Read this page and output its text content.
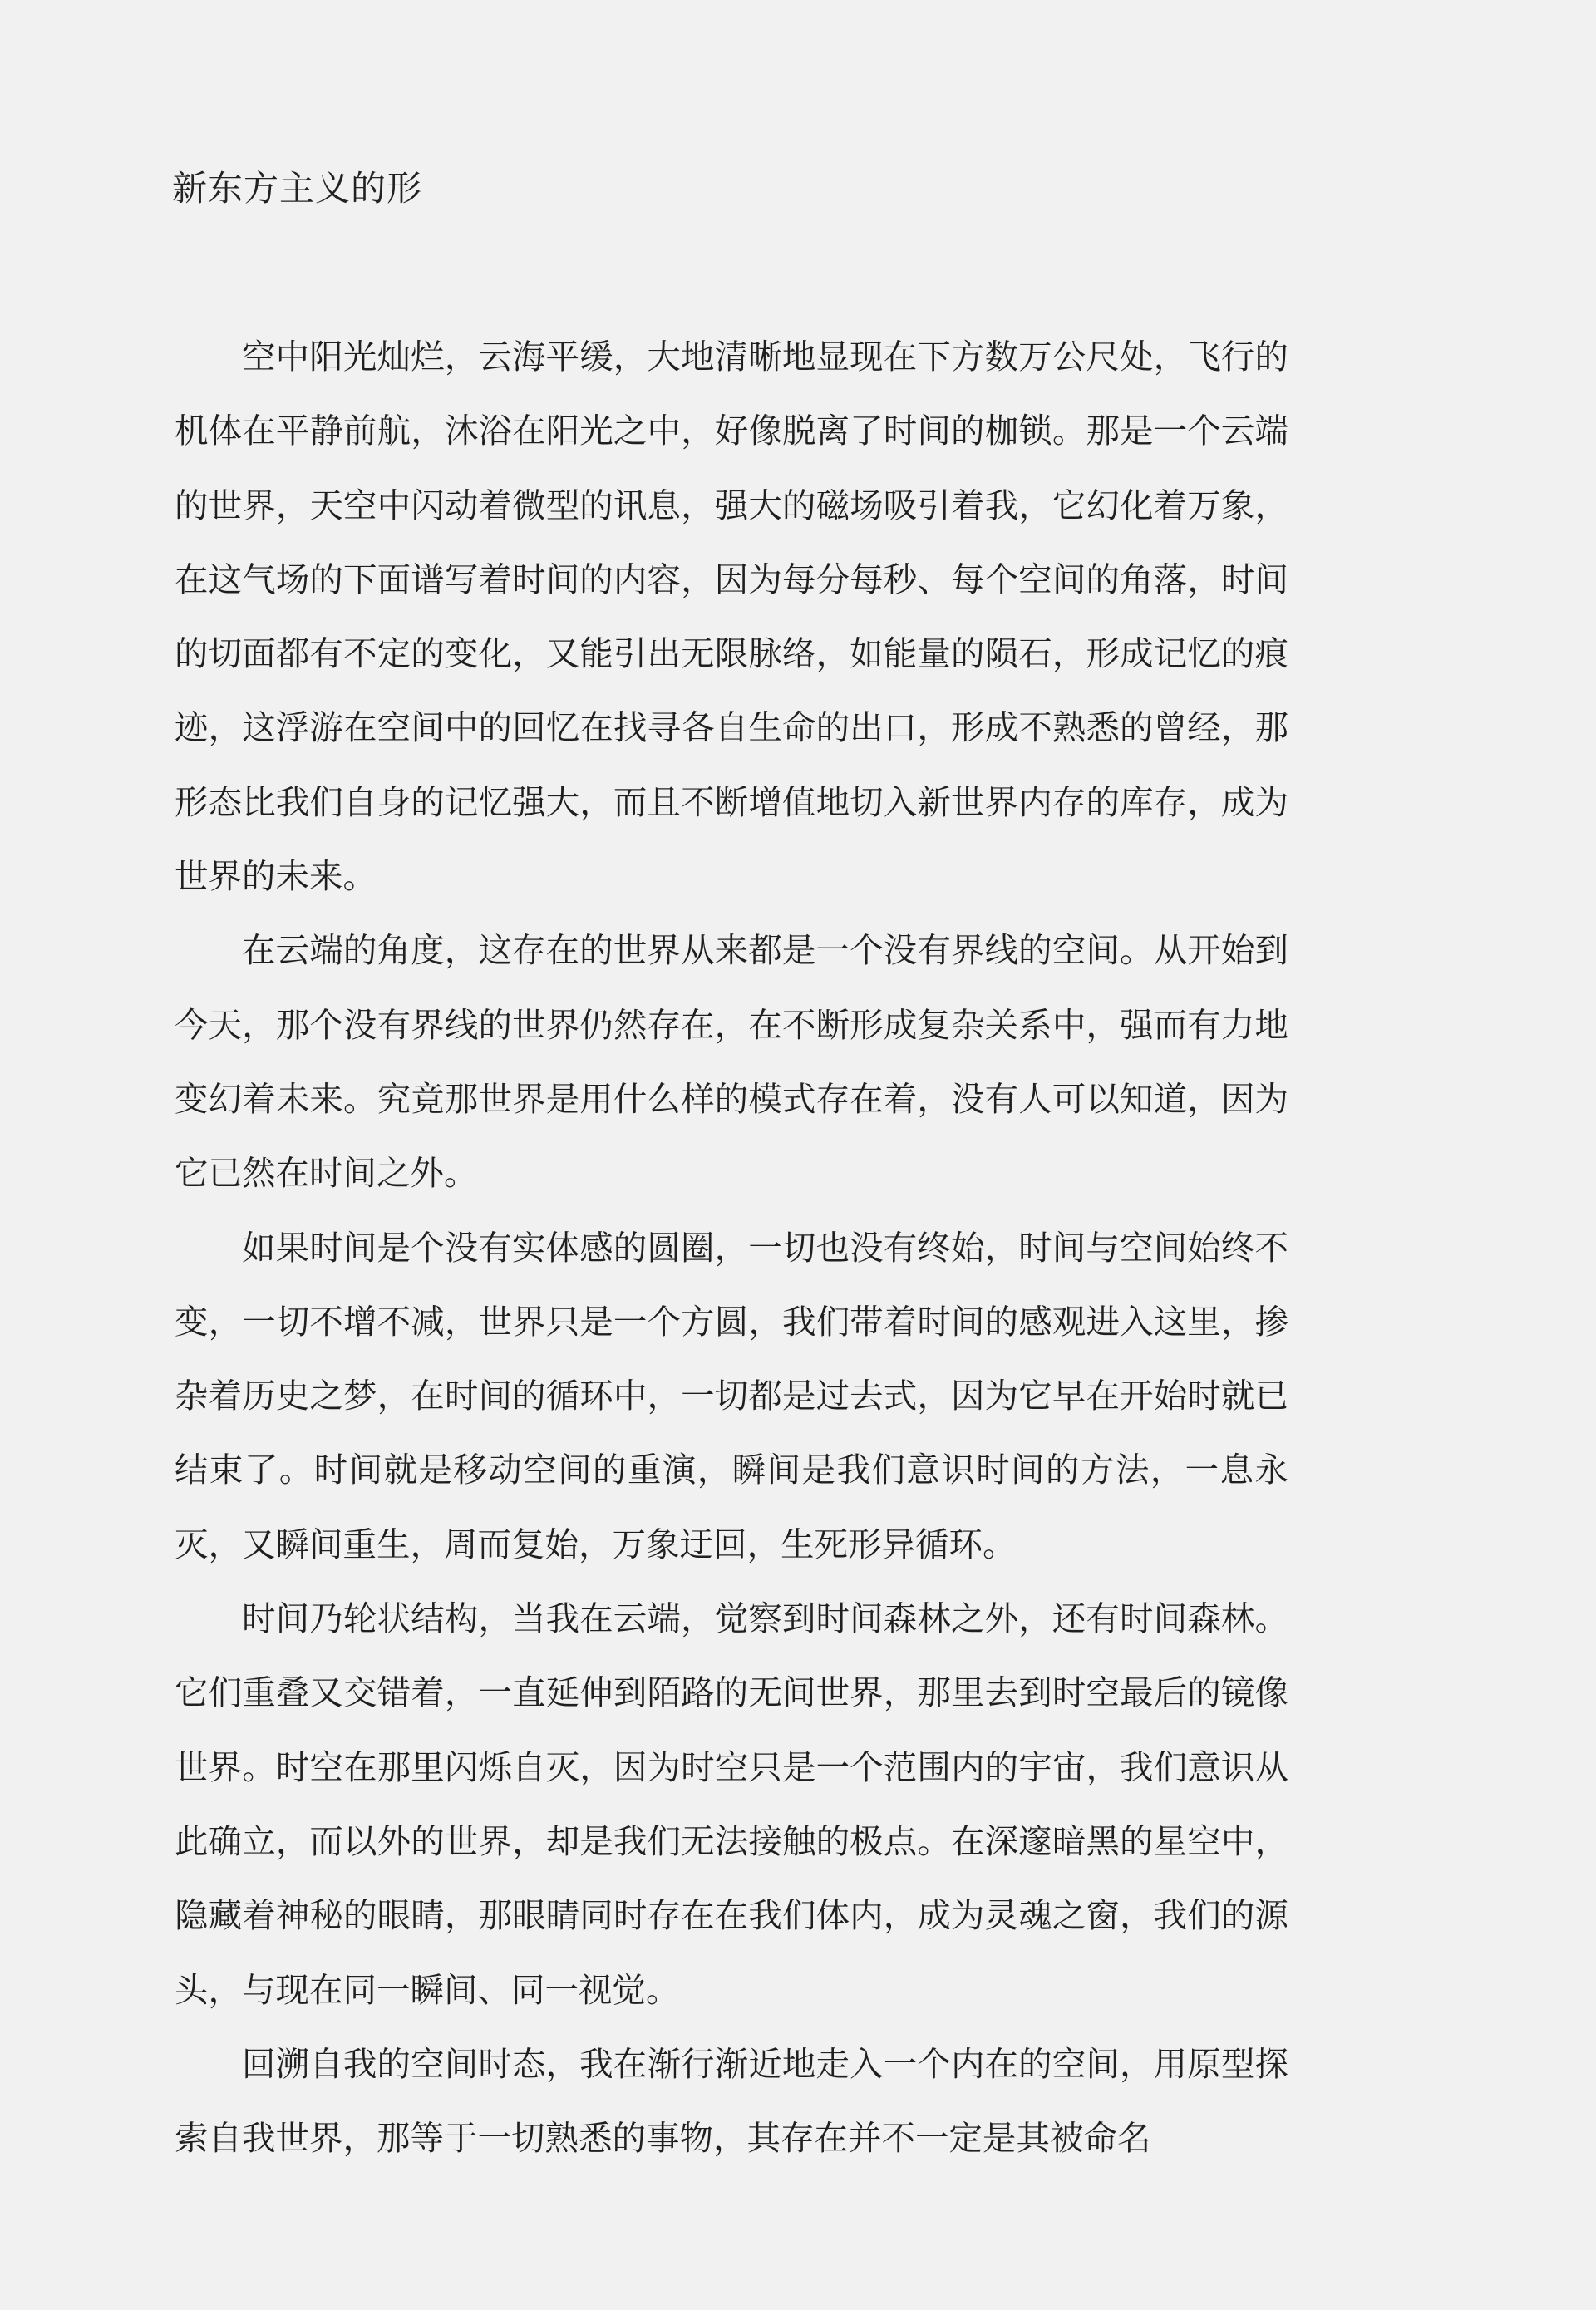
新东方主义的形

空中阳光灿烂，云海平缓，大地清晰地显现在下方数万公尺处，飞行的机体在平静前航，沐浴在阳光之中，好像脱离了时间的枷锁。那是一个云端的世界，天空中闪动着微型的讯息，强大的磁场吸引着我，它幻化着万象，在这气场的下面谱写着时间的内容，因为每分每秒、每个空间的角落，时间的切面都有不定的变化，又能引出无限脉络，如能量的陨石，形成记忆的痕迹，这浮游在空间中的回忆在找寻各自生命的出口，形成不熟悉的曾经，那形态比我们自身的记忆强大，而且不断增值地切入新世界内存的库存，成为世界的未来。

在云端的角度，这存在的世界从来都是一个没有界线的空间。从开始到今天，那个没有界线的世界仍然存在，在不断形成复杂关系中，强而有力地变幻着未来。究竟那世界是用什么样的模式存在着，没有人可以知道，因为它已然在时间之外。

如果时间是个没有实体感的圆圈，一切也没有终始，时间与空间始终不变，一切不增不减，世界只是一个方圆，我们带着时间的感观进入这里，掺杂着历史之梦，在时间的循环中，一切都是过去式，因为它早在开始时就已结束了。时间就是移动空间的重演，瞬间是我们意识时间的方法，一息永灭，又瞬间重生，周而复始，万象迂回，生死形异循环。

时间乃轮状结构，当我在云端，觉察到时间森林之外，还有时间森林。它们重叠又交错着，一直延伸到陌路的无间世界，那里去到时空最后的镜像世界。时空在那里闪烁自灭，因为时空只是一个范围内的宇宙，我们意识从此确立，而以外的世界，却是我们无法接触的极点。在深邃暗黑的星空中，隐藏着神秘的眼睛，那眼睛同时存在在我们体内，成为灵魂之窗，我们的源头，与现在同一瞬间、同一视觉。

回溯自我的空间时态，我在渐行渐近地走入一个内在的空间，用原型探索自我世界，那等于一切熟悉的事物，其存在并不一定是其被命名
